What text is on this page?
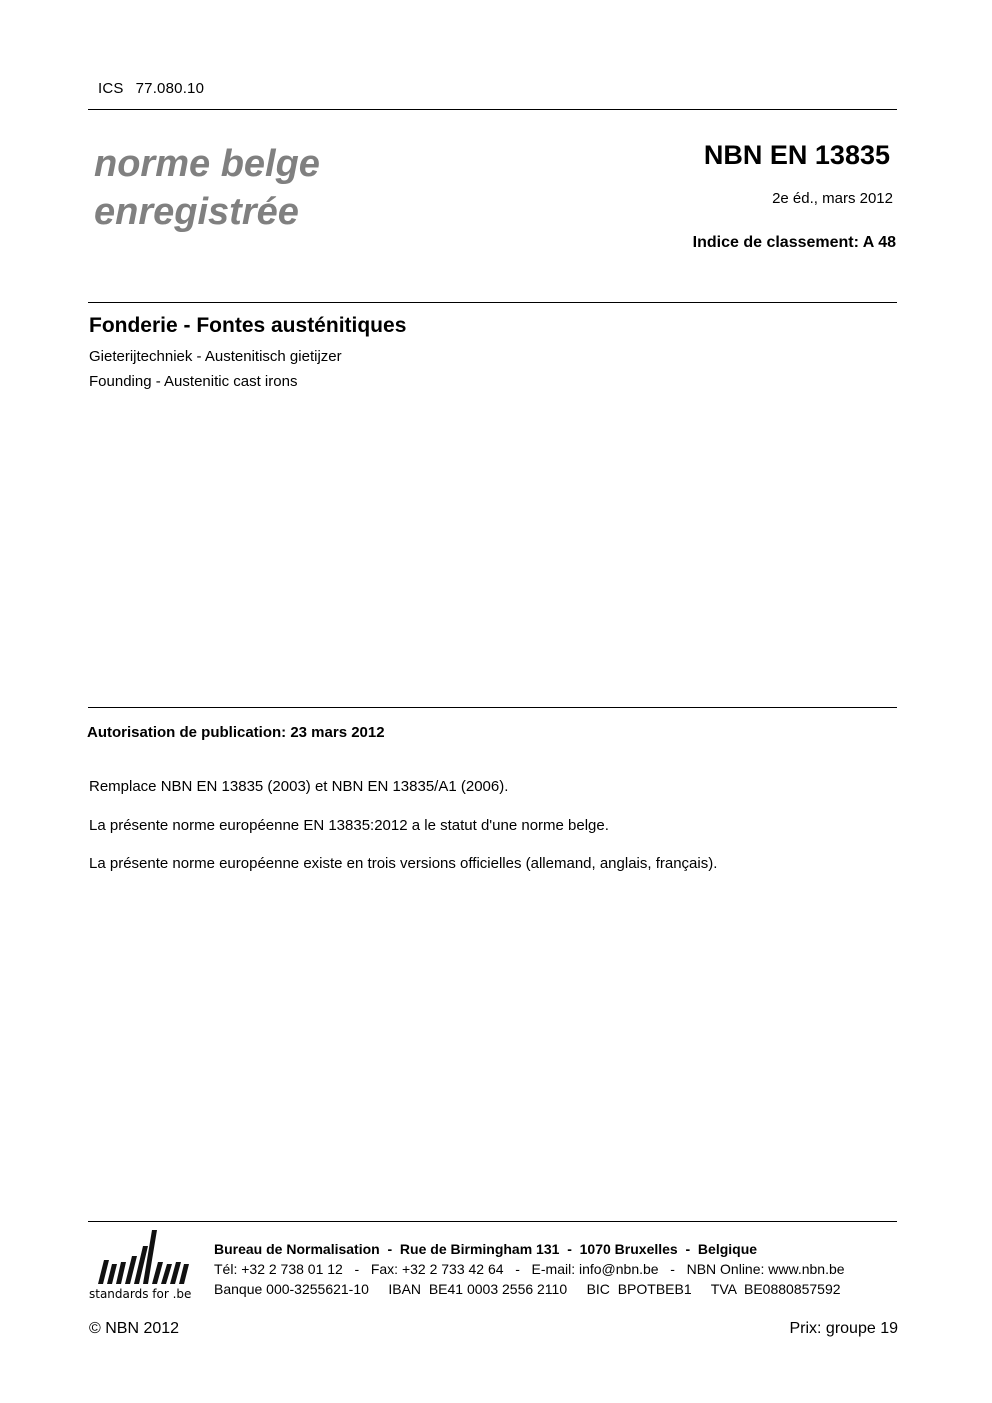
ICS 77.080.10
norme belge
enregistrée
NBN EN 13835
2e éd., mars 2012
Indice de classement: A 48
Fonderie - Fontes austénitiques
Gieterijtechniek - Austenitisch gietijzer
Founding - Austenitic cast irons
Autorisation de publication: 23 mars 2012
Remplace NBN EN 13835 (2003) et NBN EN 13835/A1 (2006).
La présente norme européenne EN 13835:2012 a le statut d'une norme belge.
La présente norme européenne existe en trois versions officielles (allemand, anglais, français).
standards for .be
Bureau de Normalisation  -  Rue de Birmingham 131  -  1070 Bruxelles  -  Belgique
Tél: +32 2 738 01 12   -   Fax: +32 2 733 42 64   -   E-mail: info@nbn.be   -   NBN Online: www.nbn.be
Banque 000-3255621-10     IBAN  BE41 0003 2556 2110     BIC  BPOTBEB1     TVA  BE0880857592
© NBN 2012	Prix: groupe 19
